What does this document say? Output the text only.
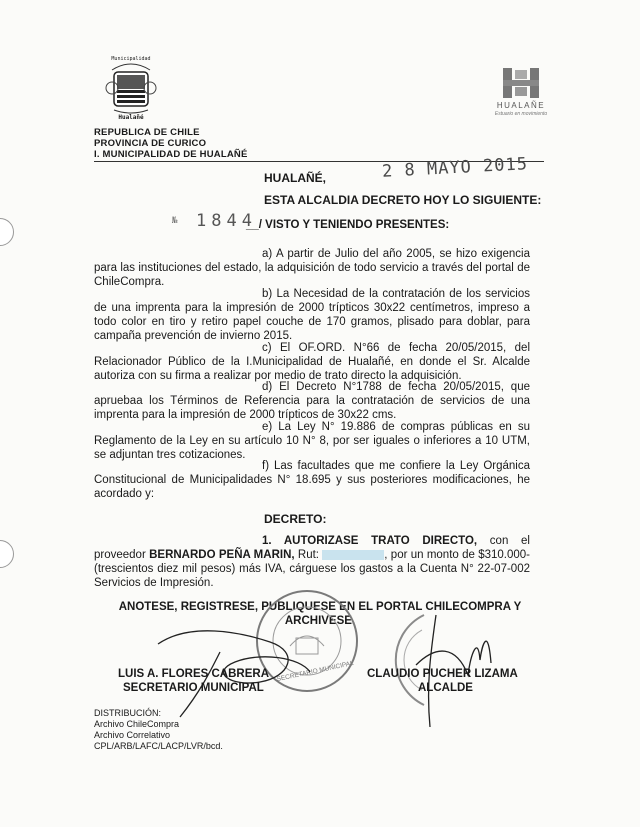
Municipalidad
Hualañé
REPUBLICA DE CHILE
PROVINCIA DE CURICO
I. MUNICIPALIDAD DE HUALAÑÉ
HUALAÑE
Estuario en movimiento
HUALAÑÉ,	2 8 MAYO 2015
ESTA ALCALDIA DECRETO HOY LO SIGUIENTE:
№ 1844
__/ VISTO Y TENIENDO PRESENTES:
a) A partir de Julio del año 2005, se hizo exigencia para las instituciones del estado, la adquisición de todo servicio a través del portal de ChileCompra.
b) La Necesidad de la contratación de los servicios de una imprenta para la impresión de 2000 trípticos 30x22 centímetros, impreso a todo color en tiro y retiro papel couche de 170 gramos, plisado para doblar, para campaña prevención de invierno 2015.
c) El OF.ORD. N°66 de fecha 20/05/2015, del Relacionador Público de la I.Municipalidad de Hualañé, en donde el Sr. Alcalde autoriza con su firma a realizar por medio de trato directo la adquisición.
d) El Decreto N°1788 de fecha 20/05/2015, que apruebaa los Términos de Referencia para la contratación de servicios de una imprenta para la impresión de 2000 trípticos de 30x22 cms.
e) La Ley N° 19.886 de compras públicas en su Reglamento de la Ley en su artículo 10 N° 8, por ser iguales o inferiores a 10 UTM, se adjuntan tres cotizaciones.
f) Las facultades que me confiere la Ley Orgánica Constitucional de Municipalidades N° 18.695 y sus posteriores modificaciones, he acordado y:
DECRETO:
1. AUTORIZASE TRATO DIRECTO, con el proveedor BERNARDO PEÑA MARIN, Rut:	, por un monto de $310.000- (trescientos diez mil pesos) más IVA, cárguese los gastos a la Cuenta N° 22-07-002 Servicios de Impresión.
ANOTESE, REGISTRESE, PUBLIQUESE EN EL PORTAL CHILECOMPRA Y
ARCHIVESE.
SECRETARIO MUNICIPAL
LUIS A. FLORES CABRERA
SECRETARIO MUNICIPAL
CLAUDIO PUCHER LIZAMA
ALCALDE
DISTRIBUCIÓN:
Archivo ChileCompra
Archivo Correlativo
CPL/ARB/LAFC/LACP/LVR/bcd.
